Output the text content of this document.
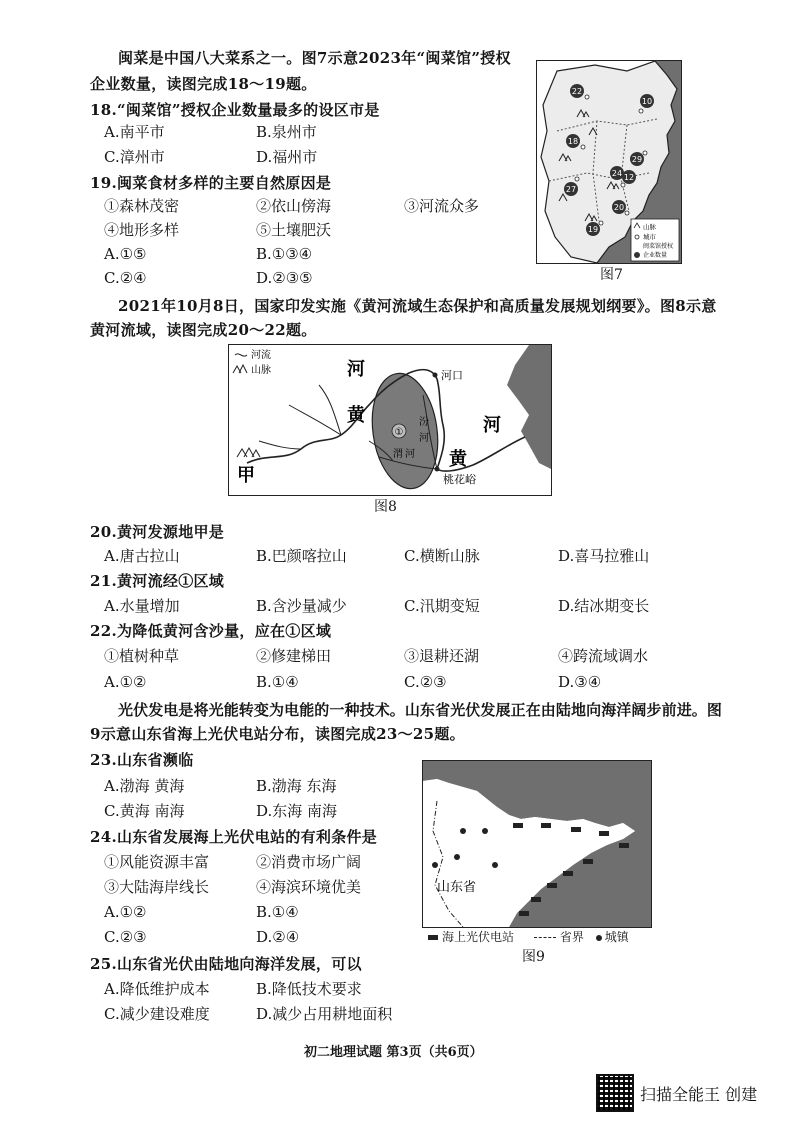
闽菜是中国八大菜系之一。图7示意2023年“闽菜馆”授权
企业数量，读图完成18～19题。
18.“闽菜馆”授权企业数量最多的设区市是
A.南平市	B.泉州市
C.漳州市	D.福州市
19.闽菜食材多样的主要自然原因是
①森林茂密	②依山傍海	③河流众多
④地形多样	⑤土壤肥沃
A.①⑤	B.①③④
C.②④	D.②③⑤
22
10
18
29
12
24
27
20
19	山脉
城市
闽菜馆授权
企业数量
图7
2021年10月8日，国家印发实施《黄河流域生态保护和高质量发展规划纲要》。图8示意
黄河流域，读图完成20～22题。
①
河口
桃花峪
河
黄
黄
河
甲
汾
河
渭 河
河流
山脉
图8
20.黄河发源地甲是
A.唐古拉山	B.巴颜喀拉山	C.横断山脉	D.喜马拉雅山
21.黄河流经①区域
A.水量增加	B.含沙量减少	C.汛期变短	D.结冰期变长
22.为降低黄河含沙量，应在①区域
①植树种草	②修建梯田	③退耕还湖	④跨流域调水
A.①②	B.①④	C.②③	D.③④
光伏发电是将光能转变为电能的一种技术。山东省光伏发展正在由陆地向海洋阔步前进。图
9示意山东省海上光伏电站分布，读图完成23～25题。
23.山东省濒临
A.渤海 黄海	B.渤海 东海
C.黄海 南海	D.东海 南海
24.山东省发展海上光伏电站的有利条件是
①风能资源丰富	②消费市场广阔
③大陆海岸线长	④海滨环境优美
A.①②	B.①④
C.②③	D.②④
山东省
海上光伏电站	省界 城镇
图9
25.山东省光伏由陆地向海洋发展，可以
A.降低维护成本	B.降低技术要求
C.减少建设难度	D.减少占用耕地面积
初二地理试题 第3页（共6页）
扫描全能王 创建
